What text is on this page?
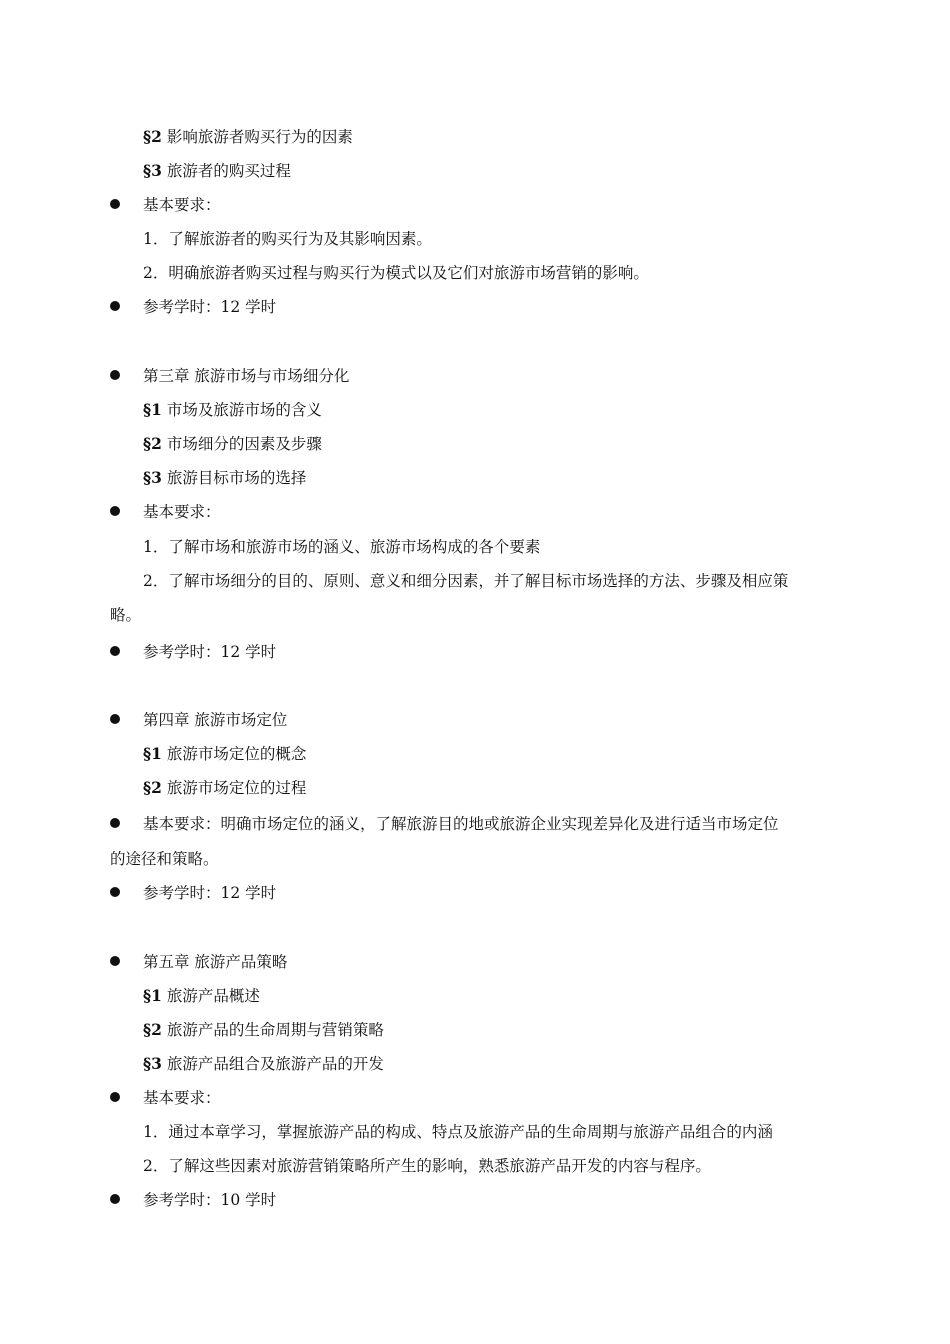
§2 影响旅游者购买行为的因素
§3 旅游者的购买过程
基本要求：
1．了解旅游者的购买行为及其影响因素。
2．明确旅游者购买过程与购买行为模式以及它们对旅游市场营销的影响。
参考学时：12 学时
第三章 旅游市场与市场细分化
§1 市场及旅游市场的含义
§2 市场细分的因素及步骤
§3 旅游目标市场的选择
基本要求：
1．了解市场和旅游市场的涵义、旅游市场构成的各个要素
2．了解市场细分的目的、原则、意义和细分因素，并了解目标市场选择的方法、步骤及相应策
略。
参考学时：12 学时
第四章 旅游市场定位
§1 旅游市场定位的概念
§2 旅游市场定位的过程
基本要求：明确市场定位的涵义，了解旅游目的地或旅游企业实现差异化及进行适当市场定位
的途径和策略。
参考学时：12 学时
第五章 旅游产品策略
§1 旅游产品概述
§2 旅游产品的生命周期与营销策略
§3 旅游产品组合及旅游产品的开发
基本要求：
1．通过本章学习，掌握旅游产品的构成、特点及旅游产品的生命周期与旅游产品组合的内涵
2．了解这些因素对旅游营销策略所产生的影响，熟悉旅游产品开发的内容与程序。
参考学时：10 学时
